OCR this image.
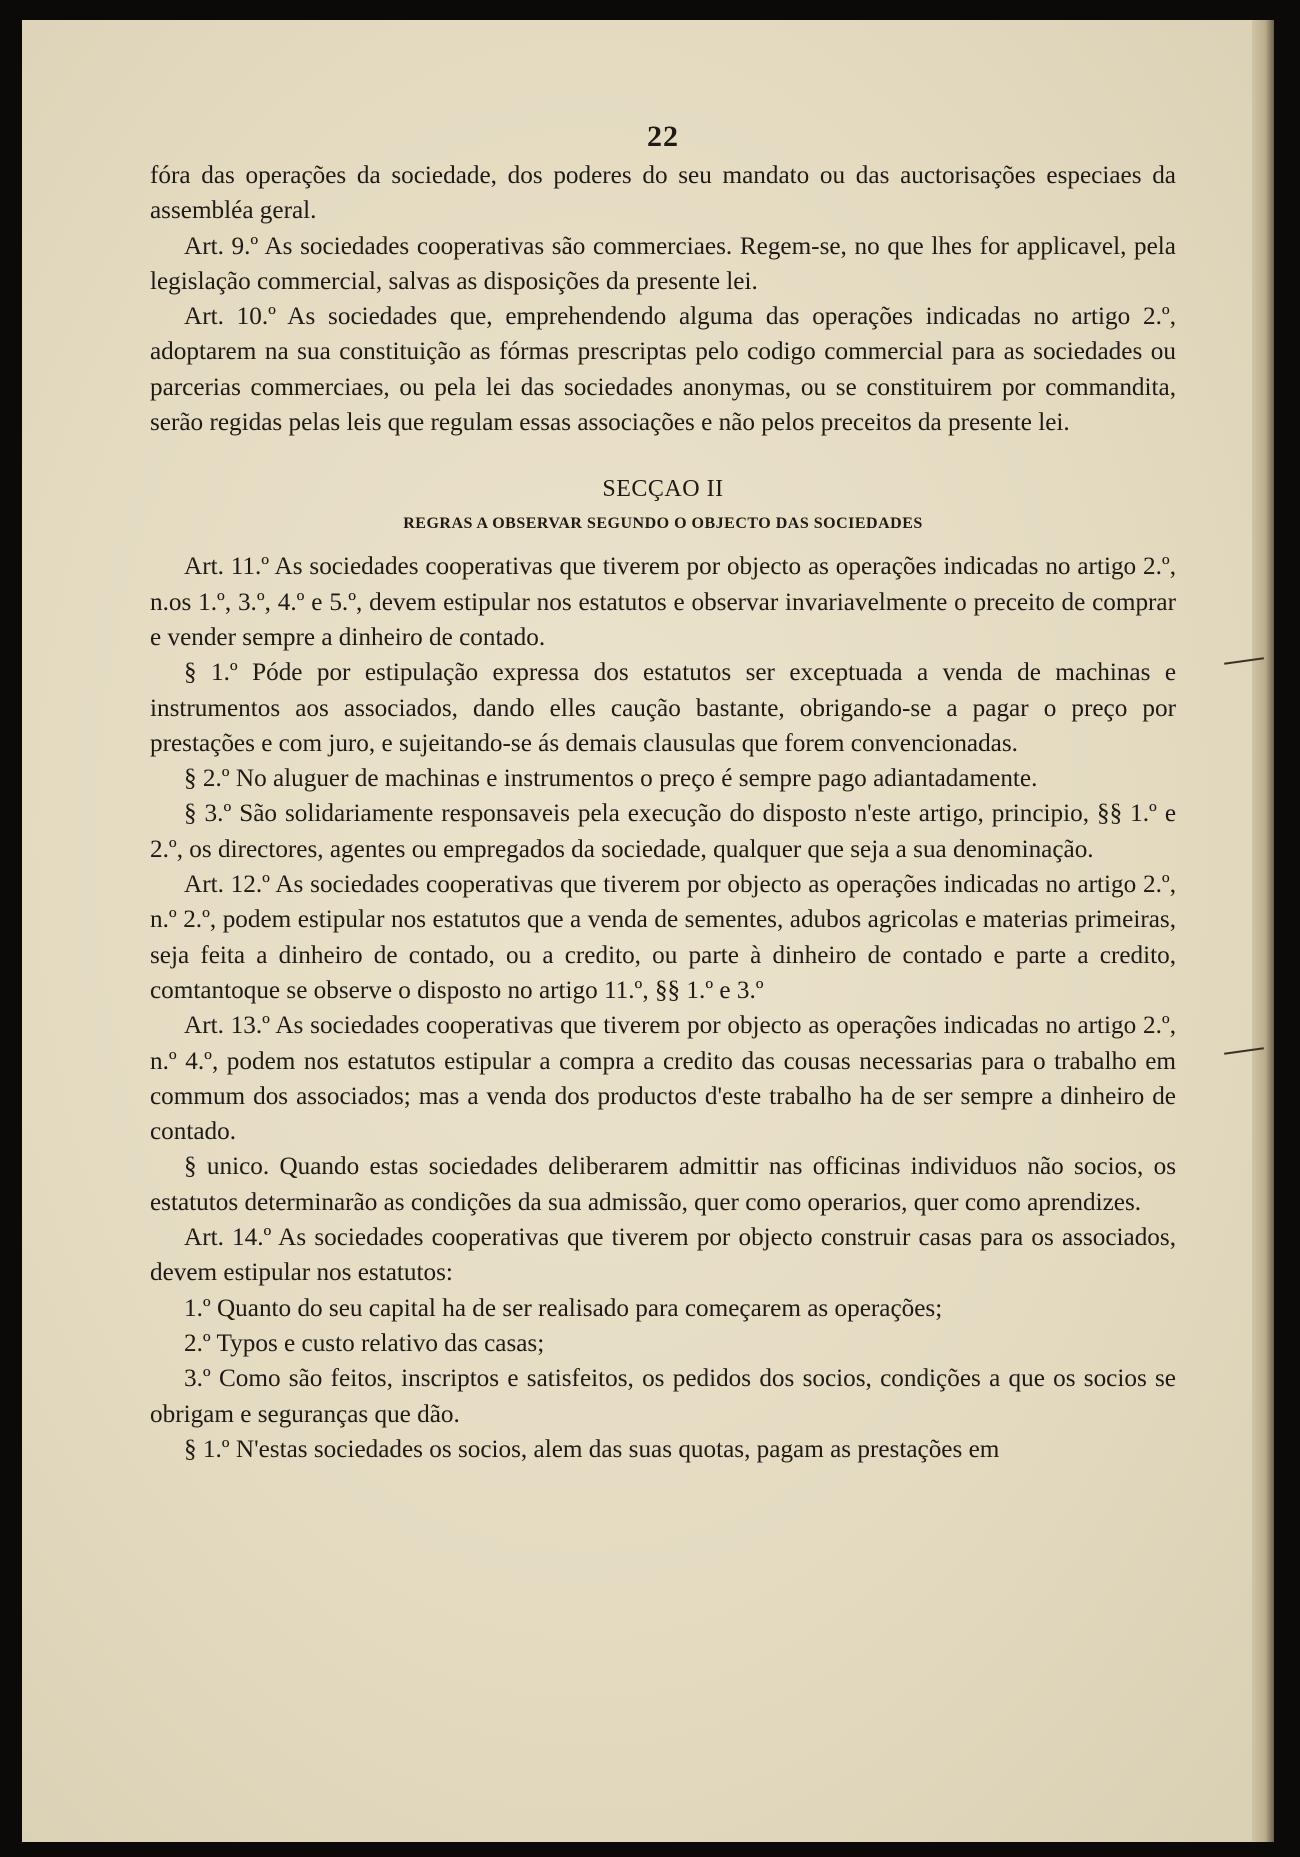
22

fóra das operações da sociedade, dos poderes do seu mandato ou das auctorisações especiaes da assembléa geral.

Art. 9.º As sociedades cooperativas são commerciaes. Regem-se, no que lhes for applicavel, pela legislação commercial, salvas as disposições da presente lei.

Art. 10.º As sociedades que, emprehendendo alguma das operações indicadas no artigo 2.º, adoptarem na sua constituição as fórmas prescriptas pelo codigo commercial para as sociedades ou parcerias commerciaes, ou pela lei das sociedades anonymas, ou se constituirem por commandita, serão regidas pelas leis que regulam essas associações e não pelos preceitos da presente lei.

SECÇAO II
REGRAS A OBSERVAR SEGUNDO O OBJECTO DAS SOCIEDADES

Art. 11.º As sociedades cooperativas que tiverem por objecto as operações indicadas no artigo 2.º, n.os 1.º, 3.º, 4.º e 5.º, devem estipular nos estatutos e observar invariavelmente o preceito de comprar e vender sempre a dinheiro de contado.

§ 1.º Póde por estipulação expressa dos estatutos ser exceptuada a venda de machinas e instrumentos aos associados, dando elles caução bastante, obrigando-se a pagar o preço por prestações e com juro, e sujeitando-se ás demais clausulas que forem convencionadas.

§ 2.º No aluguer de machinas e instrumentos o preço é sempre pago adiantadamente.

§ 3.º São solidariamente responsaveis pela execução do disposto n'este artigo, principio, §§ 1.º e 2.º, os directores, agentes ou empregados da sociedade, qualquer que seja a sua denominação.

Art. 12.º As sociedades cooperativas que tiverem por objecto as operações indicadas no artigo 2.º, n.º 2.º, podem estipular nos estatutos que a venda de sementes, adubos agricolas e materias primeiras, seja feita a dinheiro de contado, ou a credito, ou parte à dinheiro de contado e parte a credito, comtantoque se observe o disposto no artigo 11.º, §§ 1.º e 3.º

Art. 13.º As sociedades cooperativas que tiverem por objecto as operações indicadas no artigo 2.º, n.º 4.º, podem nos estatutos estipular a compra a credito das cousas necessarias para o trabalho em commum dos associados; mas a venda dos productos d'este trabalho ha de ser sempre a dinheiro de contado.

§ unico. Quando estas sociedades deliberarem admittir nas officinas individuos não socios, os estatutos determinarão as condições da sua admissão, quer como operarios, quer como aprendizes.

Art. 14.º As sociedades cooperativas que tiverem por objecto construir casas para os associados, devem estipular nos estatutos:

1.º Quanto do seu capital ha de ser realisado para começarem as operações;

2.º Typos e custo relativo das casas;

3.º Como são feitos, inscriptos e satisfeitos, os pedidos dos socios, condições a que os socios se obrigam e seguranças que dão.

§ 1.º N'estas sociedades os socios, alem das suas quotas, pagam as prestações em
